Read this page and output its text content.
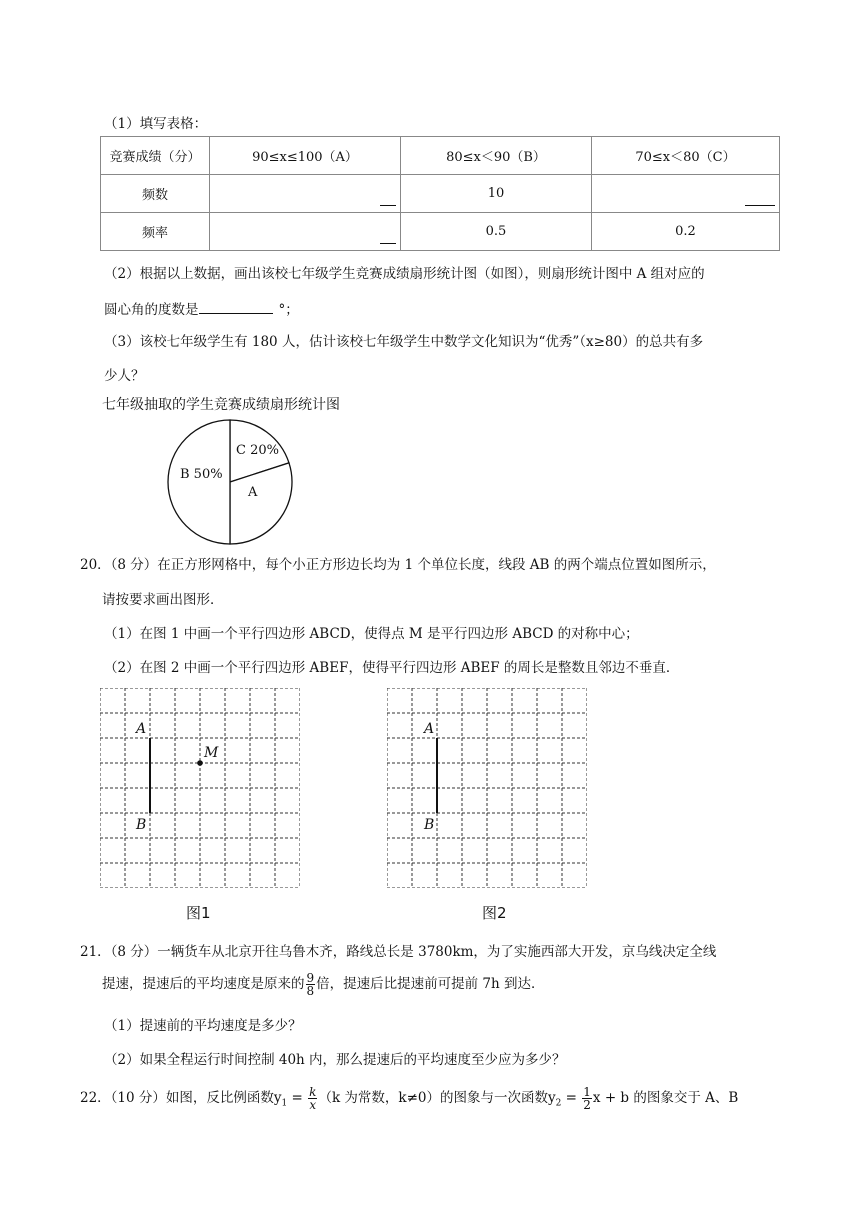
（1）填写表格：
竞赛成绩（分）	90≤x≤100（A）	80≤x＜90（B）	70≤x＜80（C）
频数		10	

频率		0.5	0.2
（2）根据以上数据，画出该校七年级学生竞赛成绩扇形统计图（如图），则扇形统计图中 A 组对应的
圆心角的度数是	°；
（3）该校七年级学生有 180 人，估计该校七年级学生中数学文化知识为“优秀”（x≥80）的总共有多
少人？
七年级抽取的学生竞赛成绩扇形统计图
C 20%
B 50%
A
20．（8 分）在正方形网格中，每个小正方形边长均为 1 个单位长度，线段 AB 的两个端点位置如图所示，
请按要求画出图形．
（1）在图 1 中画一个平行四边形 ABCD，使得点 M 是平行四边形 ABCD 的对称中心；
（2）在图 2 中画一个平行四边形 ABEF，使得平行四边形 ABEF 的周长是整数且邻边不垂直．
A
B
M
图1
A
B
图2
21．（8 分）一辆货车从北京开往乌鲁木齐，路线总长是 3780km，为了实施西部大开发，京乌线决定全线
提速，提速后的平均速度是原来的 $\frac{9}{8}$ 倍，提速后比提速前可提前 7h 到达．
（1）提速前的平均速度是多少？
（2）如果全程运行时间控制 40h 内，那么提速后的平均速度至少应为多少？
22．（10 分）如图，反比例函数$y_1 = \frac{k}{x} (k$ 为常数，k≠0）的图象与一次函数$y_2 = \frac{1}{2}$ x + b 的图象交于 A、B
